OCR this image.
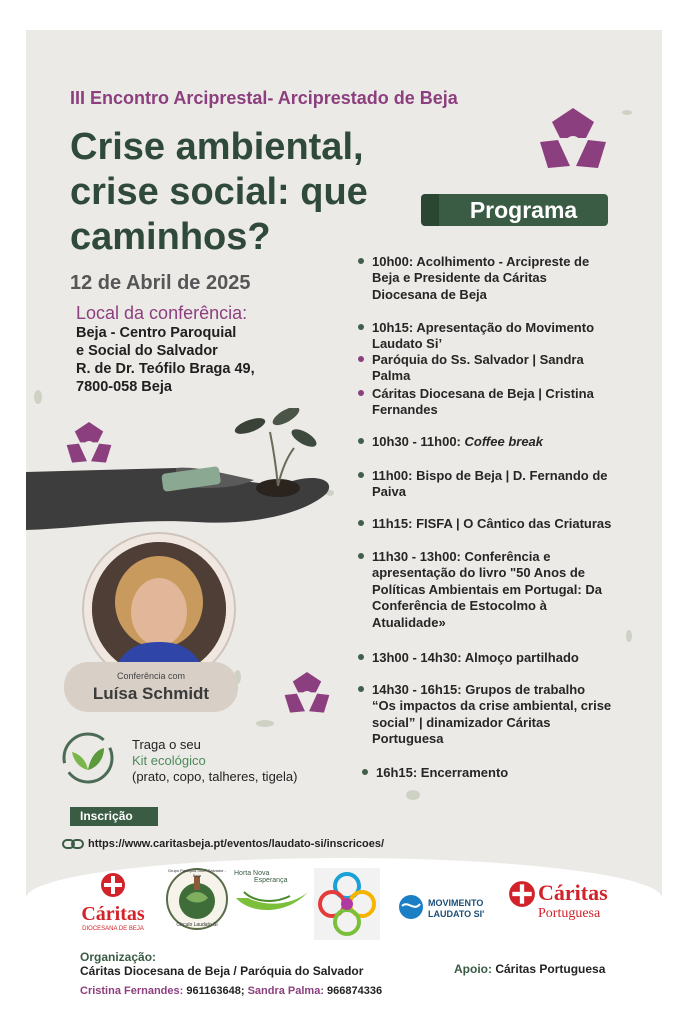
III Encontro Arciprestal- Arciprestado de Beja
Crise ambiental,
crise social: que
caminhos?
12 de Abril de 2025
Local da conferência:
Beja - Centro Paroquial
e Social do Salvador
R. de Dr. Teófilo Braga 49,
7800-058 Beja
Conferência com
Luísa Schmidt
Traga o seu
Kit ecológico
(prato, copo, talheres, tigela)
Programa
10h00: Acolhimento - Arcipreste de
Beja e Presidente da Cáritas
Diocesana de Beja
10h15: Apresentação do Movimento
Laudato Si’
Paróquia do Ss. Salvador | Sandra
Palma
Cáritas Diocesana de Beja | Cristina
Fernandes
10h30 - 11h00: Coffee break
11h00: Bispo de Beja | D. Fernando de
Paiva
11h15: FISFA | O Cântico das Criaturas
11h30 - 13h00: Conferência e
apresentação do livro "50 Anos de
Políticas Ambientais em Portugal: Da
Conferência de Estocolmo à
Atualidade»
13h00 - 14h30: Almoço partilhado
14h30 - 16h15: Grupos de trabalho
“Os impactos da crise ambiental, crise
social” | dinamizador Cáritas
Portuguesa
16h15: Encerramento
Inscrição
https://www.caritasbeja.pt/eventos/laudato-si/inscricoes/
Cáritas
DIOCESANA DE BEJA
Grupo Paróquia Ssmº Salvador - Beja
Círculo Laudato Si
Horta Nova
Esperança
MOVIMENTO
LAUDATO SI'
Cáritas
Portuguesa
Organização:
Cáritas Diocesana de Beja / Paróquia do Salvador
Cristina Fernandes: 961163648; Sandra Palma: 966874336
Apoio: Cáritas Portuguesa
